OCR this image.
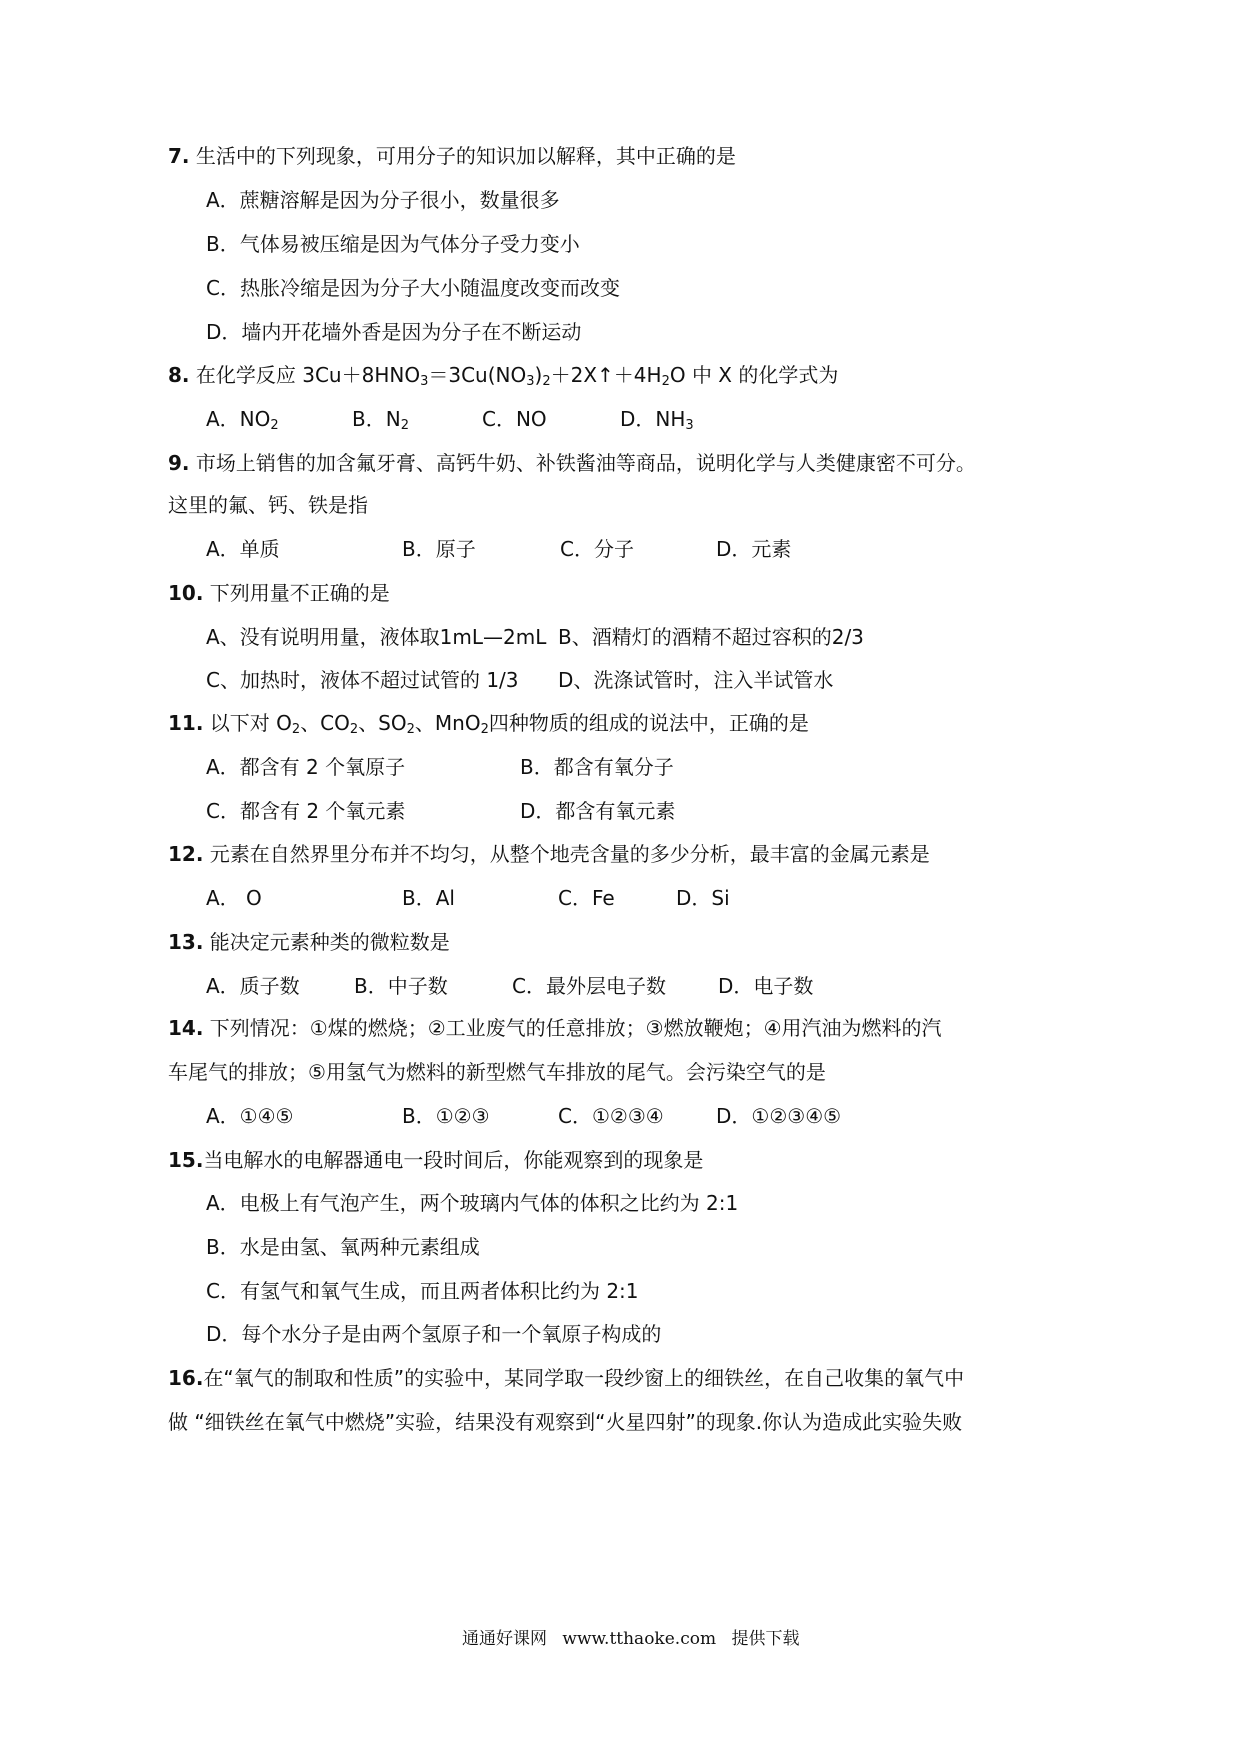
7. 生活中的下列现象，可用分子的知识加以解释，其中正确的是
A．蔗糖溶解是因为分子很小，数量很多
B．气体易被压缩是因为气体分子受力变小
C．热胀冷缩是因为分子大小随温度改变而改变
D．墙内开花墙外香是因为分子在不断运动
8. 在化学反应 $3Cu+8HNO_3=3Cu(NO_3)_2+2X↑+4H_2O$ 中 X 的化学式为
A．$NO_2$	B．$N_2$	C．NO	D．$NH_3$
9. 市场上销售的加含氟牙膏、高钙牛奶、补铁酱油等商品，说明化学与人类健康密不可分。
这里的氟、钙、铁是指
A．单质	B．原子	C．分子	D．元素
10. 下列用量不正确的是
A、没有说明用量，液体取1mL—2mL B、酒精灯的酒精不超过容积的2/3
C、加热时，液体不超过试管的 1/3 D、洗涤试管时，注入半试管水
11. 以下对 $O_2$、$CO_2$、$SO_2$、MnO$_2$四种物质的组成的说法中，正确的是
A．都含有 2 个氧原子	B．都含有氧分子
C．都含有 2 个氧元素	D．都含有氧元素
12. 元素在自然界里分布并不均匀，从整个地壳含量的多少分析，最丰富的金属元素是
A． O	B．Al	C．Fe	D．Si
13. 能决定元素种类的微粒数是
A．质子数	B．中子数	C．最外层电子数	D．电子数
14. 下列情况：①煤的燃烧；②工业废气的任意排放；③燃放鞭炮；④用汽油为燃料的汽
车尾气的排放；⑤用氢气为燃料的新型燃气车排放的尾气。会污染空气的是
A．①④⑤	B．①②③	C．①②③④	D．①②③④⑤
15.当电解水的电解器通电一段时间后，你能观察到的现象是
A．电极上有气泡产生，两个玻璃内气体的体积之比约为 2:1
B．水是由氢、氧两种元素组成
C．有氢气和氧气生成，而且两者体积比约为 2:1
D．每个水分子是由两个氢原子和一个氧原子构成的
16.在“氧气的制取和性质”的实验中，某同学取一段纱窗上的细铁丝，在自己收集的氧气中
做 “细铁丝在氧气中燃烧”实验，结果没有观察到“火星四射”的现象.你认为造成此实验失败
通通好课网 www.tthaoke.com 提供下载
